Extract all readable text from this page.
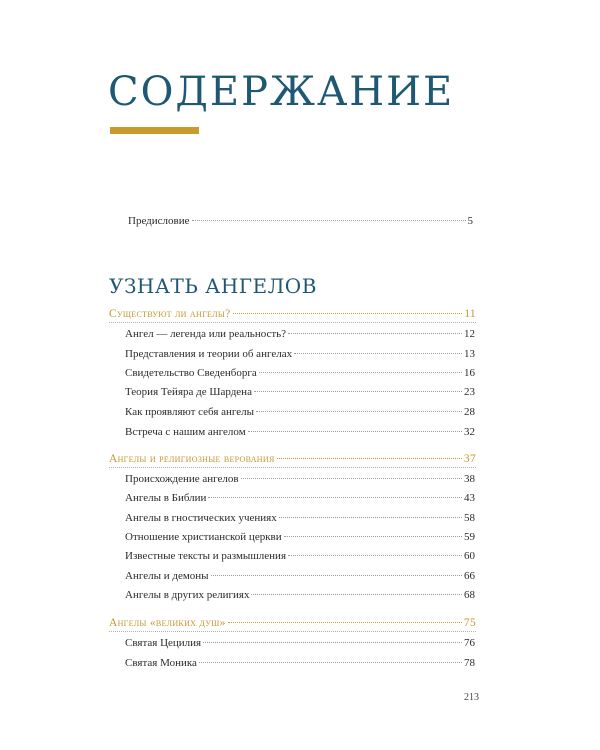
СОДЕРЖАНИЕ
Предисловие	5
УЗНАТЬ АНГЕЛОВ
Существуют ли ангелы?	11
Ангел — легенда или реальность?	12
Представления и теории об ангелах	13
Свидетельство Сведенборга	16
Теория Тейяра де Шардена	23
Как проявляют себя ангелы	28
Встреча с нашим ангелом	32
Ангелы и религиозные верования	37
Происхождение ангелов	38
Ангелы в Библии	43
Ангелы в гностических учениях	58
Отношение христианской церкви	59
Известные тексты и размышления	60
Ангелы и демоны	66
Ангелы в других религиях	68
Ангелы «великих душ»	75
Святая Цецилия	76
Святая Моника	78
213
